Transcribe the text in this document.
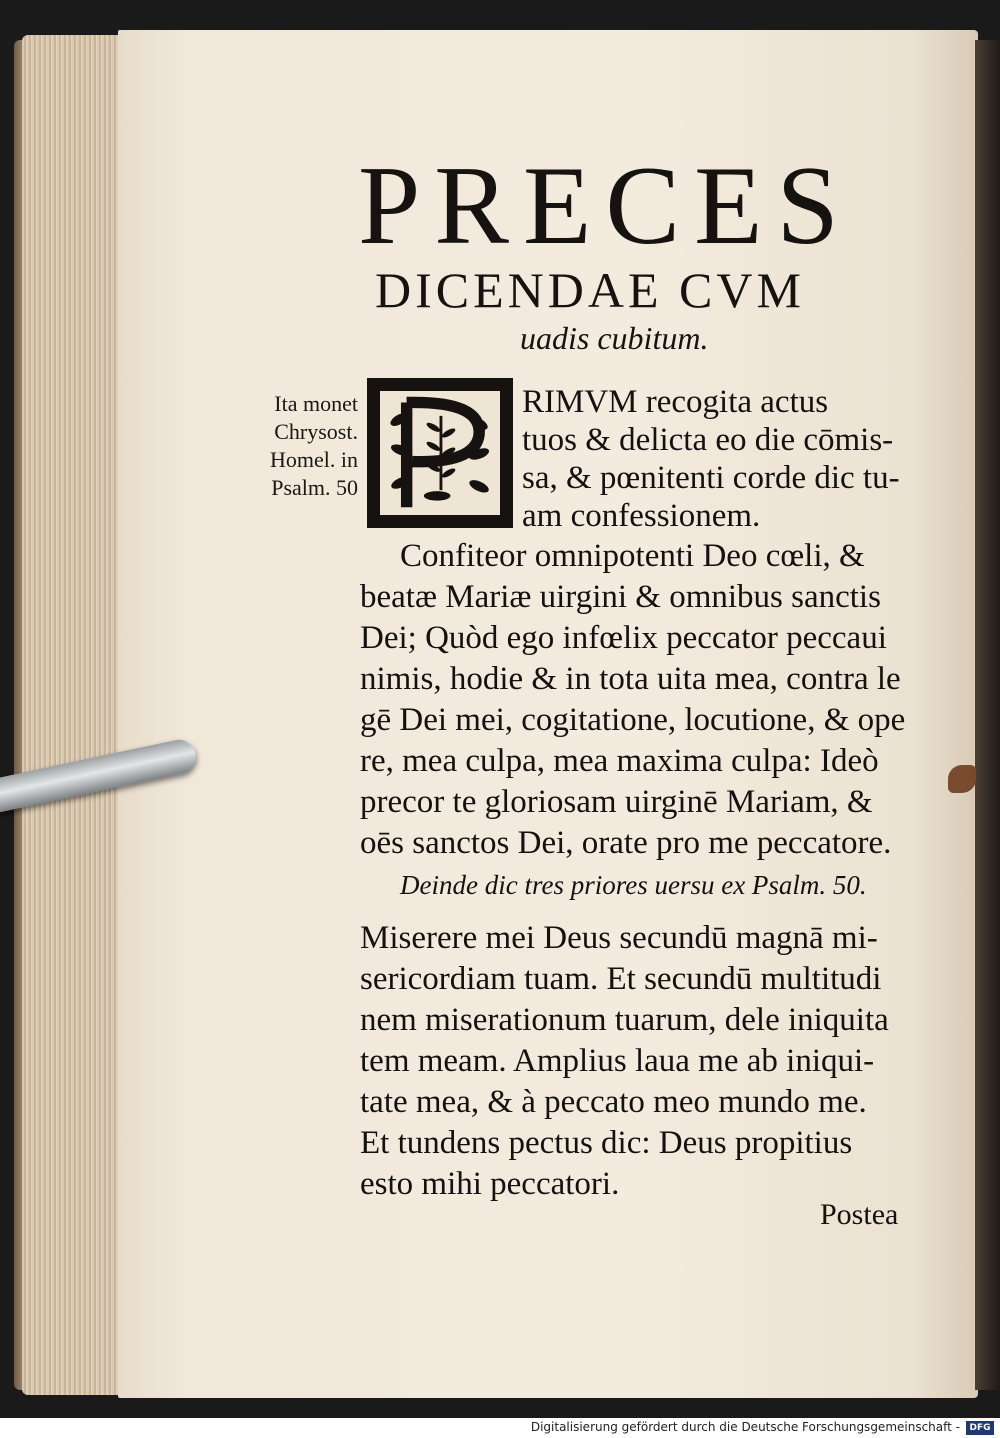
PRECES
DICENDAE CVM
uadis cubitum.
Ita monet
Chrysost.
Homel. in
Psalm. 50
RIMVM recogita actus
tuos & delicta eo die cōmis-
sa, & pœnitenti corde dic tu-
am confessionem.
Confiteor omnipotenti Deo cœli, &
beatæ Mariæ uirgini & omnibus sanctis
Dei; Quòd ego infœlix peccator peccaui
nimis, hodie & in tota uita mea, contra le
gē Dei mei, cogitatione, locutione, & ope
re, mea culpa, mea maxima culpa: Ideò
precor te gloriosam uirginē Mariam, &
oēs sanctos Dei, orate pro me peccatore.
Deinde dic tres priores uersu ex Psalm. 50.
Miserere mei Deus secundū magnā mi-
sericordiam tuam. Et secundū multitudi
nem miserationum tuarum, dele iniquita
tem meam. Amplius laua me ab iniqui-
tate mea, & à peccato meo mundo me.
Et tundens pectus dic: Deus propitius
esto mihi peccatori.
Postea
Digitalisierung gefördert durch die Deutsche Forschungsgemeinschaft -	DFG
